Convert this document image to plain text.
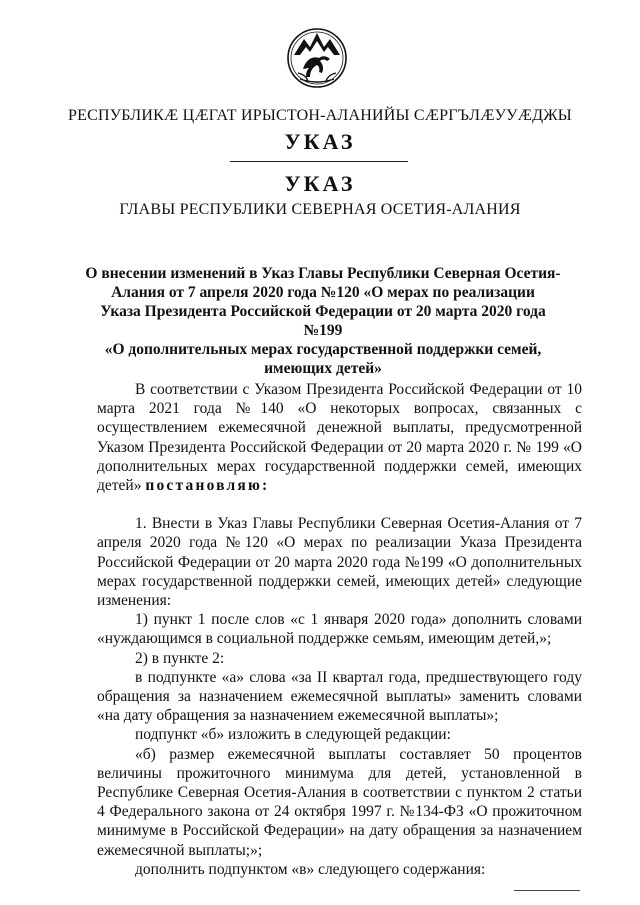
РЕСПУБЛИКӔ ЦӔГАТ ИРЫСТОН-АЛАНИЙЫ СӔРГЪЛӔУУӔДЖЫ
УКАЗ
УКАЗ
ГЛАВЫ РЕСПУБЛИКИ СЕВЕРНАЯ ОСЕТИЯ-АЛАНИЯ
О внесении изменений в Указ Главы Республики Северная Осетия-
Алания от 7 апреля 2020 года №120 «О мерах по реализации
Указа Президента Российской Федерации от 20 марта 2020 года №199
«О дополнительных мерах государственной поддержки семей,
имеющих детей»

В соответствии с Указом Президента Российской Федерации от 10 марта 2021 года №140 «О некоторых вопросах, связанных с осуществлением ежемесячной денежной выплаты, предусмотренной Указом Президента Российской Федерации от 20 марта 2020 г. № 199 «О дополнительных мерах государственной поддержки семей, имеющих детей» постановляю:

1. Внести в Указ Главы Республики Северная Осетия-Алания от 7 апреля 2020 года №120 «О мерах по реализации Указа Президента Российской Федерации от 20 марта 2020 года №199 «О дополнительных мерах государственной поддержки семей, имеющих детей» следующие изменения:

1) пункт 1 после слов «с 1 января 2020 года» дополнить словами «нуждающимся в социальной поддержке семьям, имеющим детей,»;

2) в пункте 2:

в подпункте «а» слова «за II квартал года, предшествующего году обращения за назначением ежемесячной выплаты» заменить словами «на дату обращения за назначением ежемесячной выплаты»;

подпункт «б» изложить в следующей редакции:

«б) размер ежемесячной выплаты составляет 50 процентов величины прожиточного минимума для детей, установленной в Республике Северная Осетия-Алания в соответствии с пунктом 2 статьи 4 Федерального закона от 24 октября 1997 г. №134-ФЗ «О прожиточном минимуме в Российской Федерации» на дату обращения за назначением ежемесячной выплаты;»;

дополнить подпунктом «в» следующего содержания:
